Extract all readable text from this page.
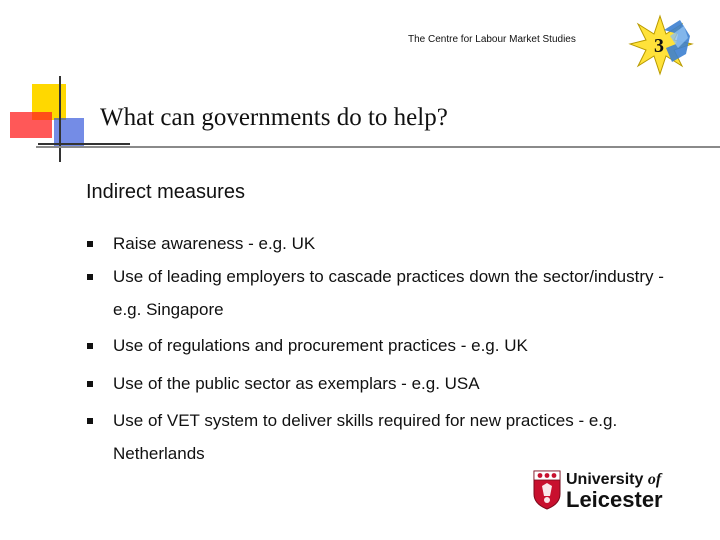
The Centre for Labour Market Studies	3
What can governments do to help?
Indirect measures
Raise awareness - e.g. UK
Use of leading employers to cascade practices down the sector/industry - e.g. Singapore
Use of regulations and procurement practices - e.g. UK
Use of the public sector as exemplars - e.g. USA
Use of VET system to deliver skills required for new practices - e.g. Netherlands
University of
Leicester
